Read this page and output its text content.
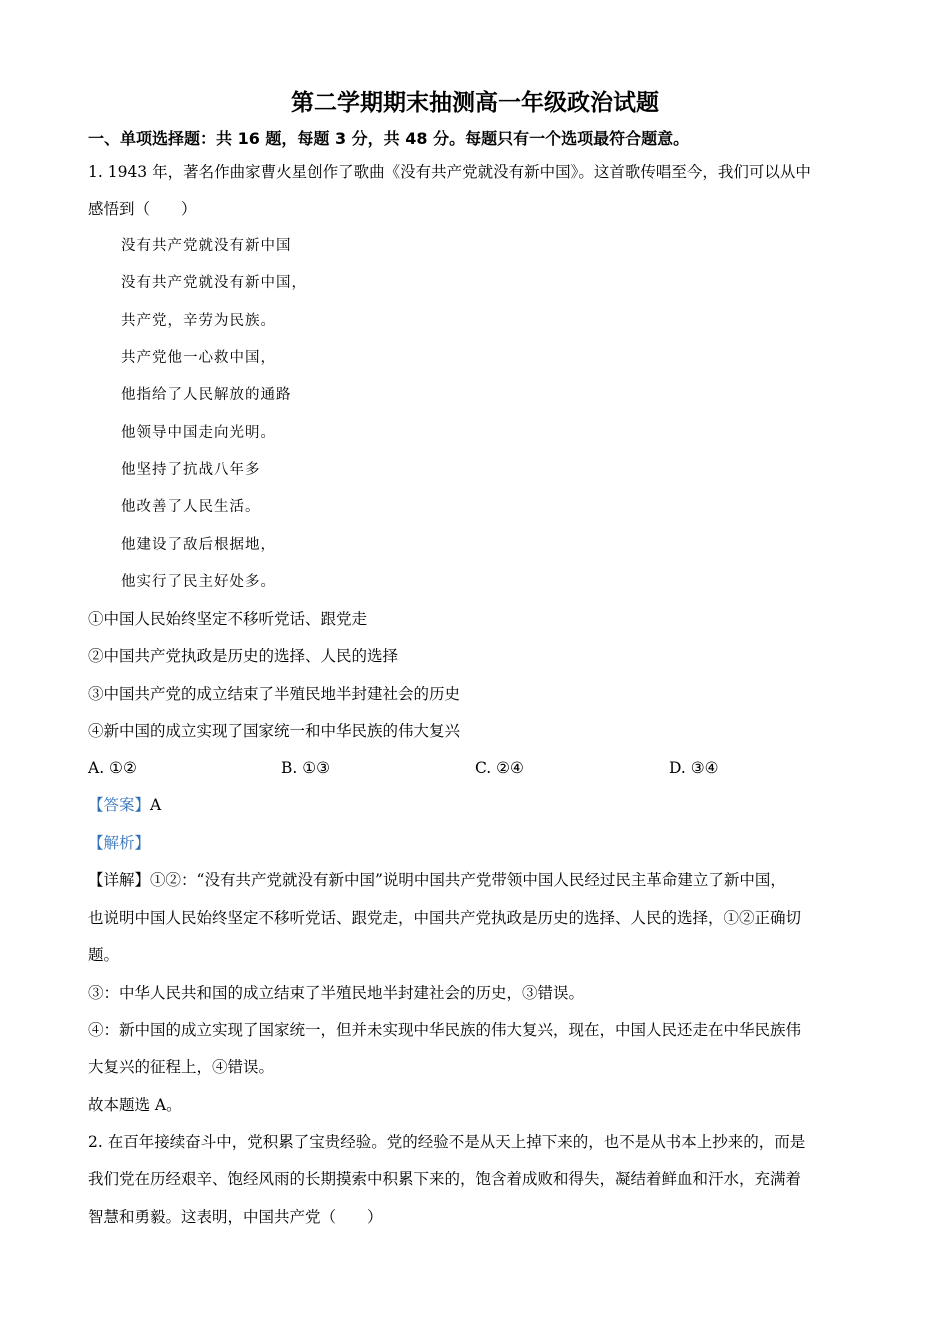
第二学期期末抽测高一年级政治试题
一、单项选择题：共 16 题，每题 3 分，共 48 分。每题只有一个选项最符合题意。
1. 1943 年，著名作曲家曹火星创作了歌曲《没有共产党就没有新中国》。这首歌传唱至今，我们可以从中
感悟到（　　）
没有共产党就没有新中国
没有共产党就没有新中国，
共产党，辛劳为民族。
共产党他一心救中国，
他指给了人民解放的通路
他领导中国走向光明。
他坚持了抗战八年多
他改善了人民生活。
他建设了敌后根据地，
他实行了民主好处多。
①中国人民始终坚定不移听党话、跟党走
②中国共产党执政是历史的选择、人民的选择
③中国共产党的成立结束了半殖民地半封建社会的历史
④新中国的成立实现了国家统一和中华民族的伟大复兴
A. ①②	B. ①③	C. ②④	D. ③④
【答案】A
【解析】
【详解】①②：“没有共产党就没有新中国”说明中国共产党带领中国人民经过民主革命建立了新中国，
也说明中国人民始终坚定不移听党话、跟党走，中国共产党执政是历史的选择、人民的选择，①②正确切
题。
③：中华人民共和国的成立结束了半殖民地半封建社会的历史，③错误。
④：新中国的成立实现了国家统一，但并未实现中华民族的伟大复兴，现在，中国人民还走在中华民族伟
大复兴的征程上，④错误。
故本题选 A。
2. 在百年接续奋斗中，党积累了宝贵经验。党的经验不是从天上掉下来的，也不是从书本上抄来的，而是
我们党在历经艰辛、饱经风雨的长期摸索中积累下来的，饱含着成败和得失，凝结着鲜血和汗水，充满着
智慧和勇毅。这表明，中国共产党（　　）
